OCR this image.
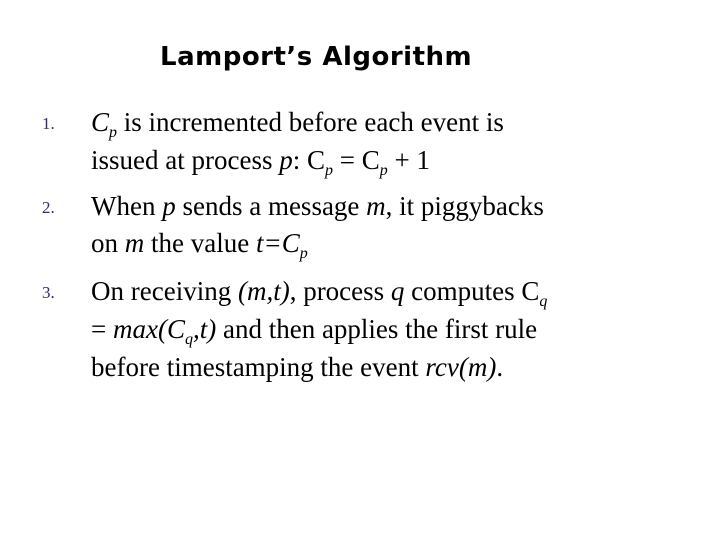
Lamport’s Algorithm
1. $C_p$ is incremented before each event is
issued at process p: $C_p = C_p + 1$
2. When p sends a message m, it piggybacks
on m the value $t=C_p$
3. On receiving (m,t), process q computes $C_q$
= $\max(C_q,t)$ and then applies the first rule
before timestamping the event rcv(m).
